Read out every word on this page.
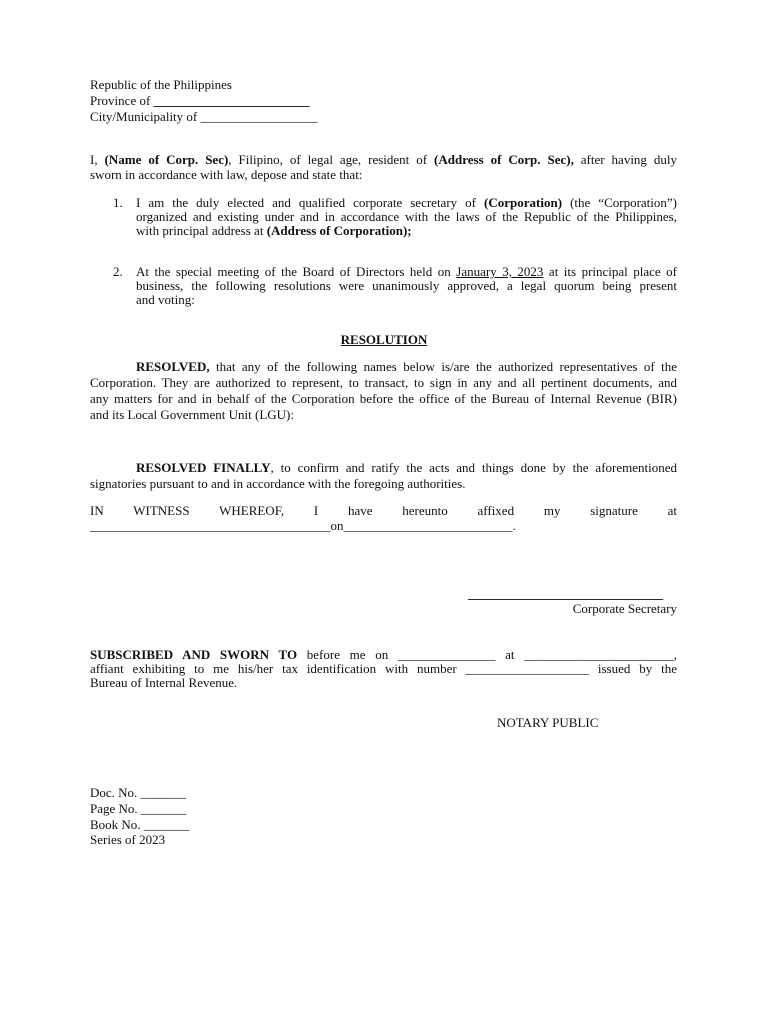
Republic of the Philippines
Province of ________________________
City/Municipality of __________________
I, (Name of Corp. Sec), Filipino, of legal age, resident of (Address of Corp. Sec), after having duly
sworn in accordance with law, depose and state that:
1. I am the duly elected and qualified corporate secretary of (Corporation) (the “Corporation”)
organized and existing under and in accordance with the laws of the Republic of the Philippines,
with principal address at (Address of Corporation);
2. At the special meeting of the Board of Directors held on January 3, 2023 at its principal place of
business, the following resolutions were unanimously approved, a legal quorum being present
and voting:
RESOLUTION
RESOLVED, that any of the following names below is/are the authorized representatives of the
Corporation. They are authorized to represent, to transact, to sign in any and all pertinent documents, and
any matters for and in behalf of the Corporation before the office of the Bureau of Internal Revenue (BIR)
and its Local Government Unit (LGU):
RESOLVED FINALLY, to confirm and ratify the acts and things done by the aforementioned
signatories pursuant to and in accordance with the foregoing authorities.
IN WITNESS WHEREOF, I have hereunto affixed my signature at
_____________________________________on__________________________.
______________________________
Corporate Secretary
SUBSCRIBED AND SWORN TO before me on _______________ at _______________________,
affiant exhibiting to me his/her tax identification with number ___________________ issued by the
Bureau of Internal Revenue.
NOTARY PUBLIC
Doc. No. _______
Page No. _______
Book No. _______
Series of 2023
